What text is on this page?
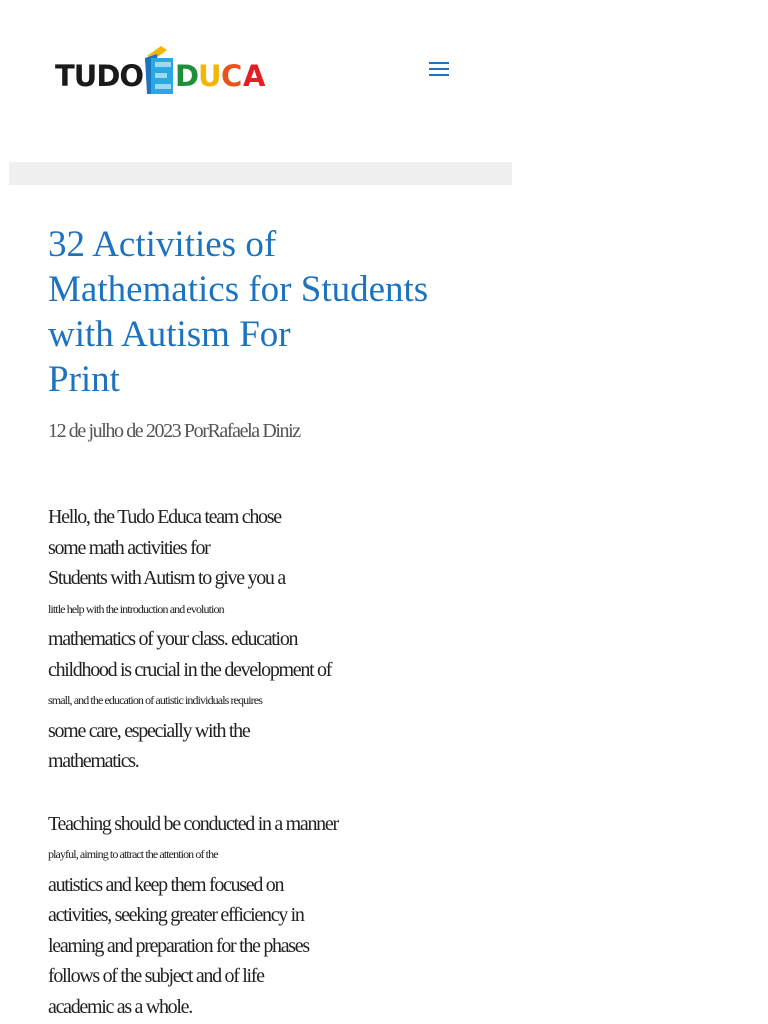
TUDO D
U C A
32 Activities of
Mathematics for Students
with Autism For
Print
12 de julho de 2023 PorRafaela Diniz
Hello, the Tudo Educa team chose
some math activities for
Students with Autism to give you a
little help with the introduction and evolution
mathematics of your class. education
childhood is crucial in the development of
small, and the education of autistic individuals requires
some care, especially with the
mathematics.
Teaching should be conducted in a manner
playful, aiming to attract the attention of the
autistics and keep them focused on
activities, seeking greater efficiency in
learning and preparation for the phases
follows of the subject and of life
academic as a whole.
